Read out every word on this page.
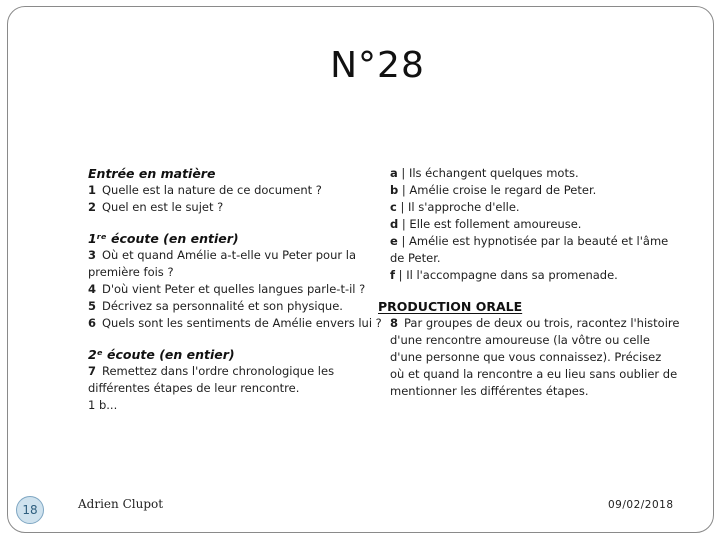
N°28
Entrée en matière
1 Quelle est la nature de ce document ?
2 Quel en est le sujet ?
1ʳᵉ écoute (en entier)
3 Où et quand Amélie a-t-elle vu Peter pour la
première fois ?
4 D'où vient Peter et quelles langues parle-t-il ?
5 Décrivez sa personnalité et son physique.
6 Quels sont les sentiments de Amélie envers lui ?
2ᵉ écoute (en entier)
7 Remettez dans l'ordre chronologique les
différentes étapes de leur rencontre.
1 b...
a | Ils échangent quelques mots.
b | Amélie croise le regard de Peter.
c | Il s'approche d'elle.
d | Elle est follement amoureuse.
e | Amélie est hypnotisée par la beauté et l'âme
de Peter.
f | Il l'accompagne dans sa promenade.
PRODUCTION ORALE
8 Par groupes de deux ou trois, racontez l'histoire
d'une rencontre amoureuse (la vôtre ou celle
d'une personne que vous connaissez). Précisez
où et quand la rencontre a eu lieu sans oublier de
mentionner les différentes étapes.
18	Adrien Clupot	09/02/2018
